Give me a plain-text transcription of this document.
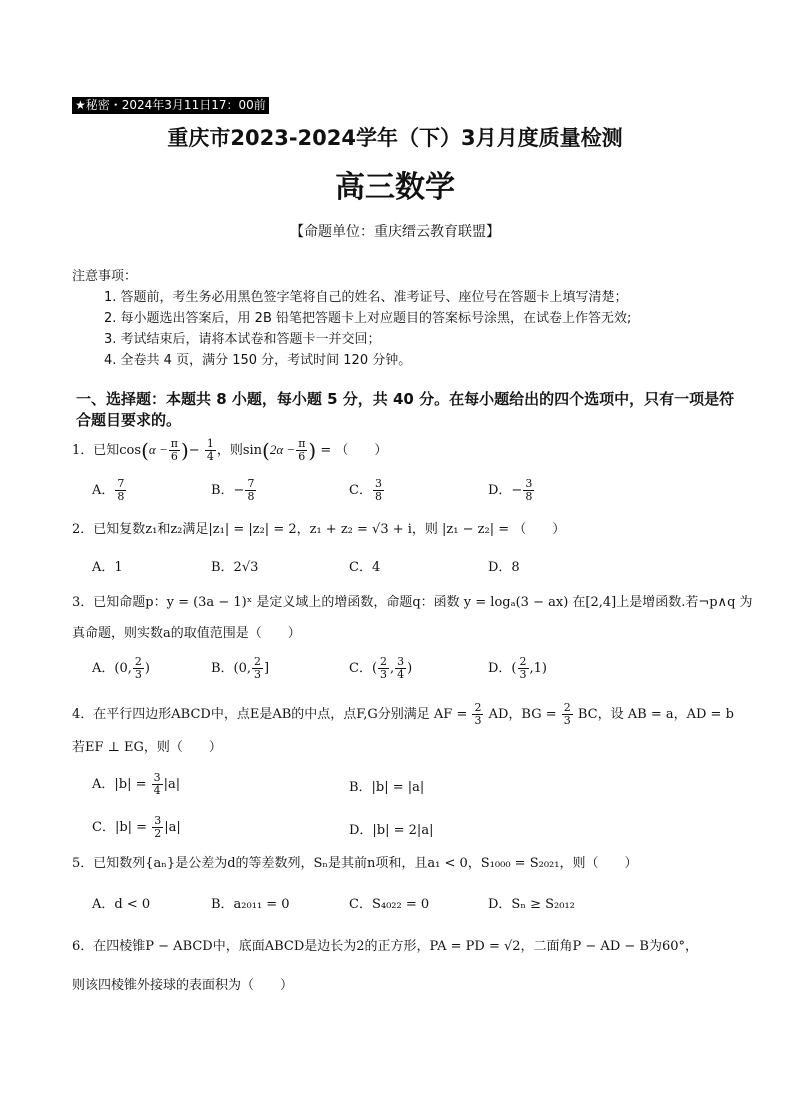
★秘密・2024年3月11日17：00前
重庆市2023-2024学年（下）3月月度质量检测
高三数学
【命题单位：重庆缙云教育联盟】
注意事项：
1. 答题前，考生务必用黑色签字笔将自己的姓名、准考证号、座位号在答题卡上填写清楚；
2. 每小题选出答案后，用 2B 铅笔把答题卡上对应题目的答案标号涂黑，在试卷上作答无效;
3. 考试结束后，请将本试卷和答题卡一并交回；
4. 全卷共 4 页，满分 150 分，考试时间 120 分钟。
一、选择题：本题共 8 小题，每小题 5 分，共 40 分。在每小题给出的四个选项中，只有一项是符合题目要求的。
1．已知$\cos(\alpha - \frac{\pi}{6}$ )− $\frac{1}{4}$ ，则$\sin(2\alpha - \frac{\pi}{6}$ ) = （　　）
A． $\frac{7}{8}$	B．− $\frac{7}{8}$	C． $\frac{3}{8}$	D．− $\frac{3}{8}$
2．已知复数z₁和z₂满足|z₁| = |z₂| = 2，z₁ + z₂ = √3 + i，则 |z₁ − z₂| = （　　）
A．1	B．2√3	C．4	D．8
3．已知命题p：y = (3a − 1)ˣ 是定义域上的增函数，命题q：函数 y = logₐ(3 − ax) 在[2,4]上是增函数.若¬p∧q 为
真命题，则实数a的取值范围是（　　）
A．(0, $\frac{2}{3}$ )	B．(0, $\frac{2}{3}$ ]	C．( $\frac{2}{3}$ , $\frac{3}{4}$ )	D．( $\frac{2}{3} ,1$)
4．在平行四边形ABCD中，点E是AB的中点，点F,G分别满足 AF = $\frac{2}{3}$ AD，BG = $\frac{2}{3}$ BC，设 AB = a，AD = b
若EF ⊥ EG，则（　　）
A．$|b| = \frac{3}{4} |a|$	B．|b| = |a|
C．$|b| = \frac{3}{2} |a|$	D．|b| = 2|a|
5．已知数列{aₙ}是公差为d的等差数列，Sₙ是其前n项和，且a₁ < 0，S₁₀₀₀ = S₂₀₂₁，则（　　）
A．d < 0	B．a₂₀₁₁ = 0	C．S₄₀₂₂ = 0	D．Sₙ ≥ S₂₀₁₂
6．在四棱锥P − ABCD中，底面ABCD是边长为2的正方形，PA = PD = √2，二面角P − AD − B为60°，
则该四棱锥外接球的表面积为（　　）
